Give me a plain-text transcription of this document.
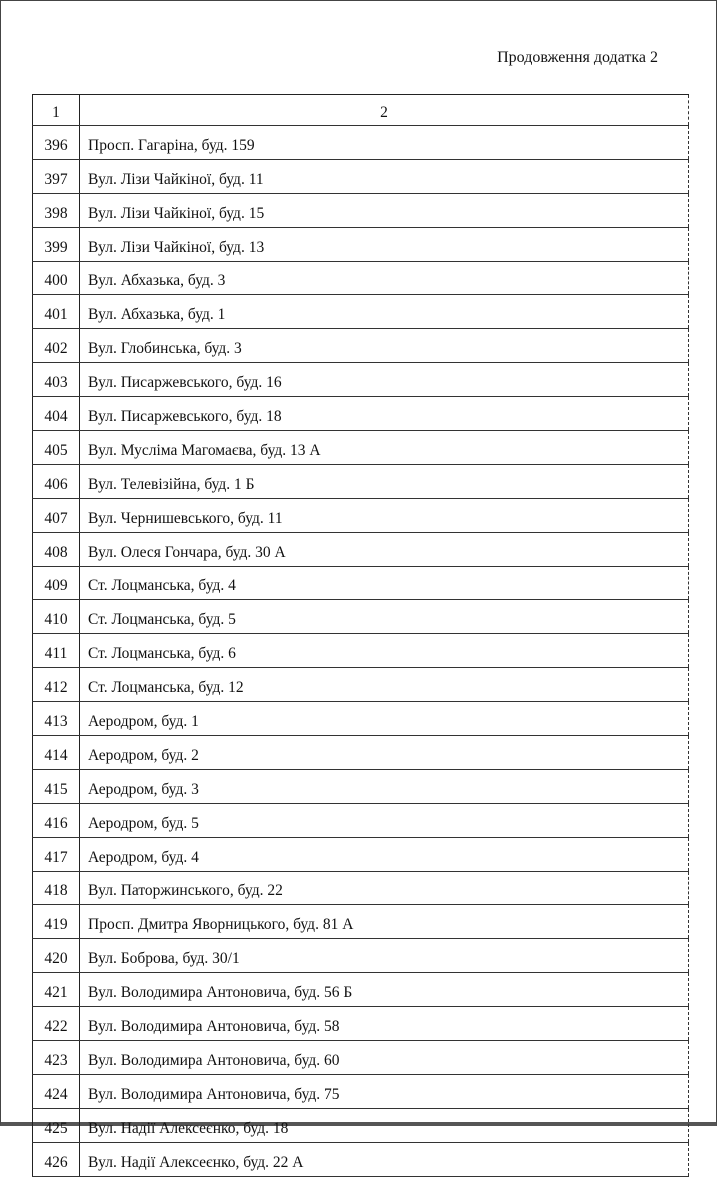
Продовження додатка 2
1	2
396	Просп. Гагаріна, буд. 159
397	Вул. Лізи Чайкіної, буд. 11
398	Вул. Лізи Чайкіної, буд. 15
399	Вул. Лізи Чайкіної, буд. 13
400	Вул. Абхазька, буд. 3
401	Вул. Абхазька, буд. 1
402	Вул. Глобинська, буд. 3
403	Вул. Писаржевського, буд. 16
404	Вул. Писаржевського, буд. 18
405	Вул. Мусліма Магомаєва, буд. 13 А
406	Вул. Телевізійна, буд. 1 Б
407	Вул. Чернишевського, буд. 11
408	Вул. Олеся Гончара, буд. 30 А
409	Ст. Лоцманська, буд. 4
410	Ст. Лоцманська, буд. 5
411	Ст. Лоцманська, буд. 6
412	Ст. Лоцманська, буд. 12
413	Аеродром, буд. 1
414	Аеродром, буд. 2
415	Аеродром, буд. 3
416	Аеродром, буд. 5
417	Аеродром, буд. 4
418	Вул. Паторжинського, буд. 22
419	Просп. Дмитра Яворницького, буд. 81 А
420	Вул. Боброва, буд. 30/1
421	Вул. Володимира Антоновича, буд. 56 Б
422	Вул. Володимира Антоновича, буд. 58
423	Вул. Володимира Антоновича, буд. 60
424	Вул. Володимира Антоновича, буд. 75
425	Вул. Надії Алексеєнко, буд. 18
426	Вул. Надії Алексеєнко, буд. 22 А
